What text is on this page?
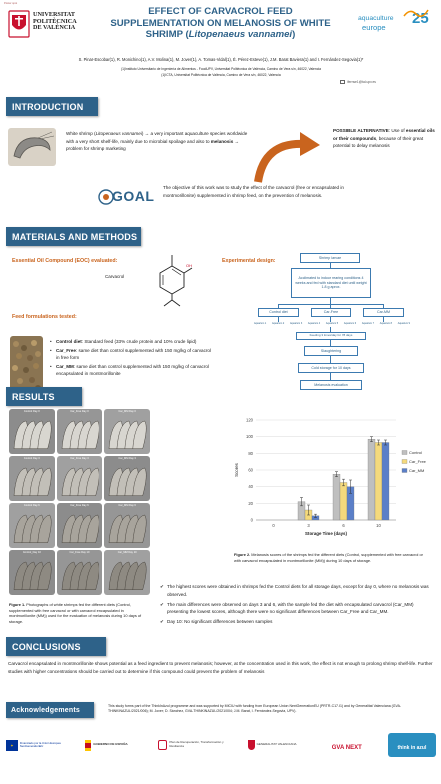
Poster spot
UNIVERSITAT
POLITÈCNICA
DE VALÈNCIA
EFFECT OF CARVACROL FEED
SUPPLEMENTATION ON MELANOSIS OF WHITE
SHRIMP (Litopenaeus vannamei)
aquaculture
europe
25
S. Pinar-Escobar(1), R. Monichino(1), A.V. Molina(1), M. Jover(1), A. Tomas-Vidal(1), É. Pérez-Esteve(1), J.M. Barat Baviera(1) and I. Fernández-Segovia(1)*
(1)Instituto Universitario de Ingeniería de Alimentos - FoodUPV, Universitat Politècnica de València, Camino de Vera s/n, 46022, Valencia
(1)ICTA, Universitat Politècnica de València, Camino de Vera s/n, 46022, Valencia
ifernse1@tal.upv.es
INTRODUCTION
White shrimp (Litopenaeus vannamei) → a very important aquaculture species worldwide with a very short shelf-life, mainly due to microbial spoilage and also to melanosis → problem for shrimp marketing
POSSIBLE ALTERNATIVE: Use of essential oils or their compounds, because of their great potential to delay melanosis
GOAL
The objective of this work was to study the effect of the carvacrol (free or encapsulated in montmorillonite) supplemented in shrimp feed, on the prevention of melanosis.
MATERIALS AND METHODS
Essential Oil Compound (EOC) evaluated:
Carvacrol
OH
Feed formulations tested:
• Control diet: Standard feed (33% crude protein and 10% crude lipid)
• Car_Free: same diet than control supplemented with 150 mg/kg of carvacrol in free form
• Car_MM: same diet than control supplemented with 150 mg/kg of carvacrol encapsulated in montmorillonite
Experimental design:
Shrimp larvae
Acclimated to indoor rearing conditions 4 weeks and fed with standard diet until weight 1.8 g aprox.
Control diet	Car-Free	Car-MM
Aquarium 1 Aquarium 2 Aquarium 3 Aquarium 4 Aquarium 5 Aquarium 6 Aquarium 7 Aquarium 8 Aquarium 9
Feeding 3 times/day for 78 days
Slaughtering
Cold storage for 10 days
Melanosis evaluation
RESULTS
Control Day 0	Car_Free Day 0	Car_MM Day 0
Control Day 3	Car_Free Day 3	Car_MM Day 3
Control Day 6	Car_Free Day 6	Car_MM Day 6
Control_Day 10	Car_Free Day 10	Car_MM Day 10
Figure 1. Photographs of white shrimps fed the different diets (Control, supplemented with free carvacrol or with carvacrol encapsulated in montmorillonite (MM)) used for the evaluation of melanosis during 10 days of storage.
0
20
40
60
80
100
120
0	3	6	10
Storage Time (days)
Scores
Control
Car_Free
Car_MM
Figure 2. Melanosis scores of the shrimps fed the different diets (Control, supplemented with free carvacrol or with carvacrol encapsulated in montmorillonite (MM)) during 10 days of storage.
✔ The highest scores were obtained in shrimps fed the Control diets for all storage days, except for day 0, where no melanosis was observed.
✔ The main differences were observed on days 3 and 6, with the sample fed the diet with encapsulated carvacrol (Car_MM) presenting the lowest scores, although there were no significant differences between Car_Free and Car_MM.
✔ Day 10: No significant differences between samples
CONCLUSIONS
Carvacrol encapsulated in montmorillonite shows potential as a feed ingredient to prevent melanosis; however, at the concentration used in this work, the effect is not enough to prolong shrimp shelf-life. Further studies with higher concentrations should be carried out to determine if this compound could prevent the problem of melanosis
Acknowledgements
This study forms part of the ThinkInAzul programme and was supported by MICIU with funding from European Union NextGenerationEU (PRTR-C17.I1) and by Generalitat Valenciana (GVA-THINKINAZUL/2021/006); M. Jover; D. Sánchez, GVA-THINKINAZUL/2021/004; J.M. Barat, I. Fernández-Segovia, UPV).
✦	Financiado por la Unión Europea NextGenerationEU	GOBIERNO DE ESPAÑA	Plan de Recuperación, Transformación y Resiliencia	GENERALITAT VALENCIANA
GVA NEXT	think in azul
